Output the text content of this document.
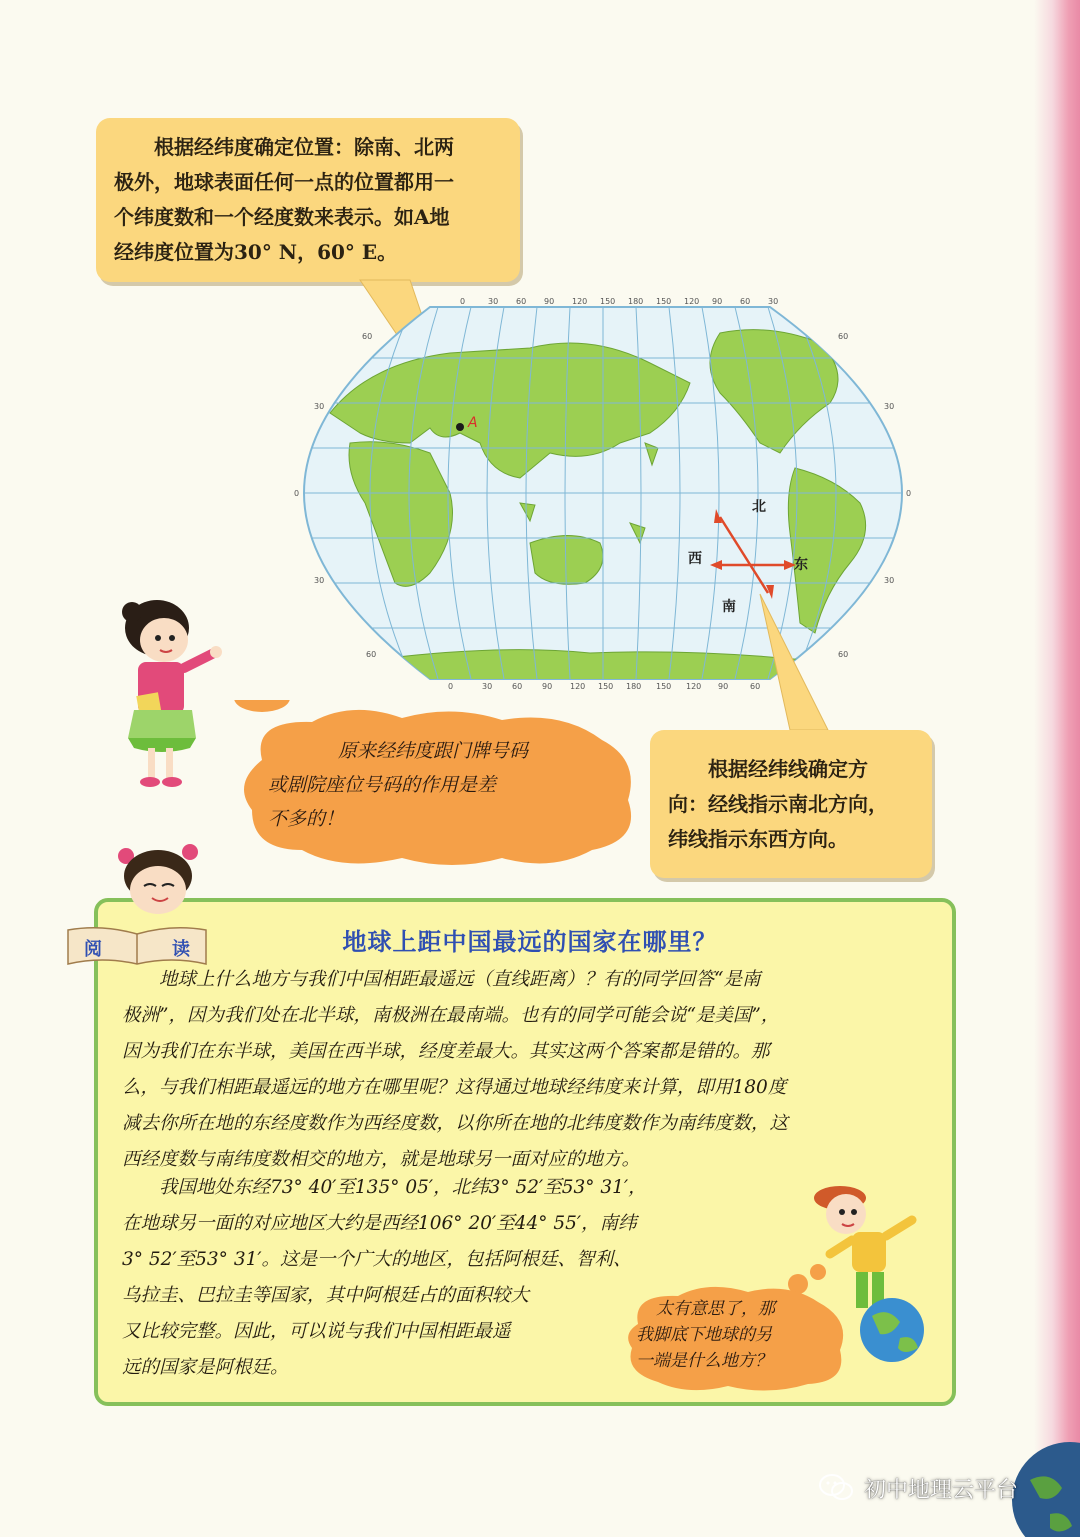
根据经纬度确定位置：除南、北两

极外，地球表面任何一点的位置都用一

个纬度数和一个经度数来表示。如A地

经纬度位置为30° N，60° E。

A
0	30 60 90 120 150 180 150 120 90 60 30
0	30 60 90 120 150 180 150 120 90	60
60
30
0
30
60
60
30
0
30
60
北
西	东
南

根据经纬线确定方

向：经线指示南北方向，

纬线指示东西方向。

原来经纬度跟门牌号码
或剧院座位号码的作用是差
不多的！
阅	读	地球上距中国最远的国家在哪里？
地球上什么地方与我们中国相距最遥远（直线距离）？有的同学回答“是南
极洲”，因为我们处在北半球，南极洲在最南端。也有的同学可能会说“是美国”，
因为我们在东半球，美国在西半球，经度差最大。其实这两个答案都是错的。那
么，与我们相距最遥远的地方在哪里呢？这得通过地球经纬度来计算，即用180度
减去你所在地的东经度数作为西经度数，以你所在地的北纬度数作为南纬度数，这
西经度数与南纬度数相交的地方，就是地球另一面对应的地方。
我国地处东经73° 40′至135° 05′，北纬3° 52′至53° 31′，
在地球另一面的对应地区大约是西经106° 20′至44° 55′，南纬
3° 52′至53° 31′。这是一个广大的地区，包括阿根廷、智利、
乌拉圭、巴拉圭等国家，其中阿根廷占的面积较大
又比较完整。因此，可以说与我们中国相距最遥
远的国家是阿根廷。
太有意思了，那
我脚底下地球的另
一端是什么地方？
初中地理云平台
